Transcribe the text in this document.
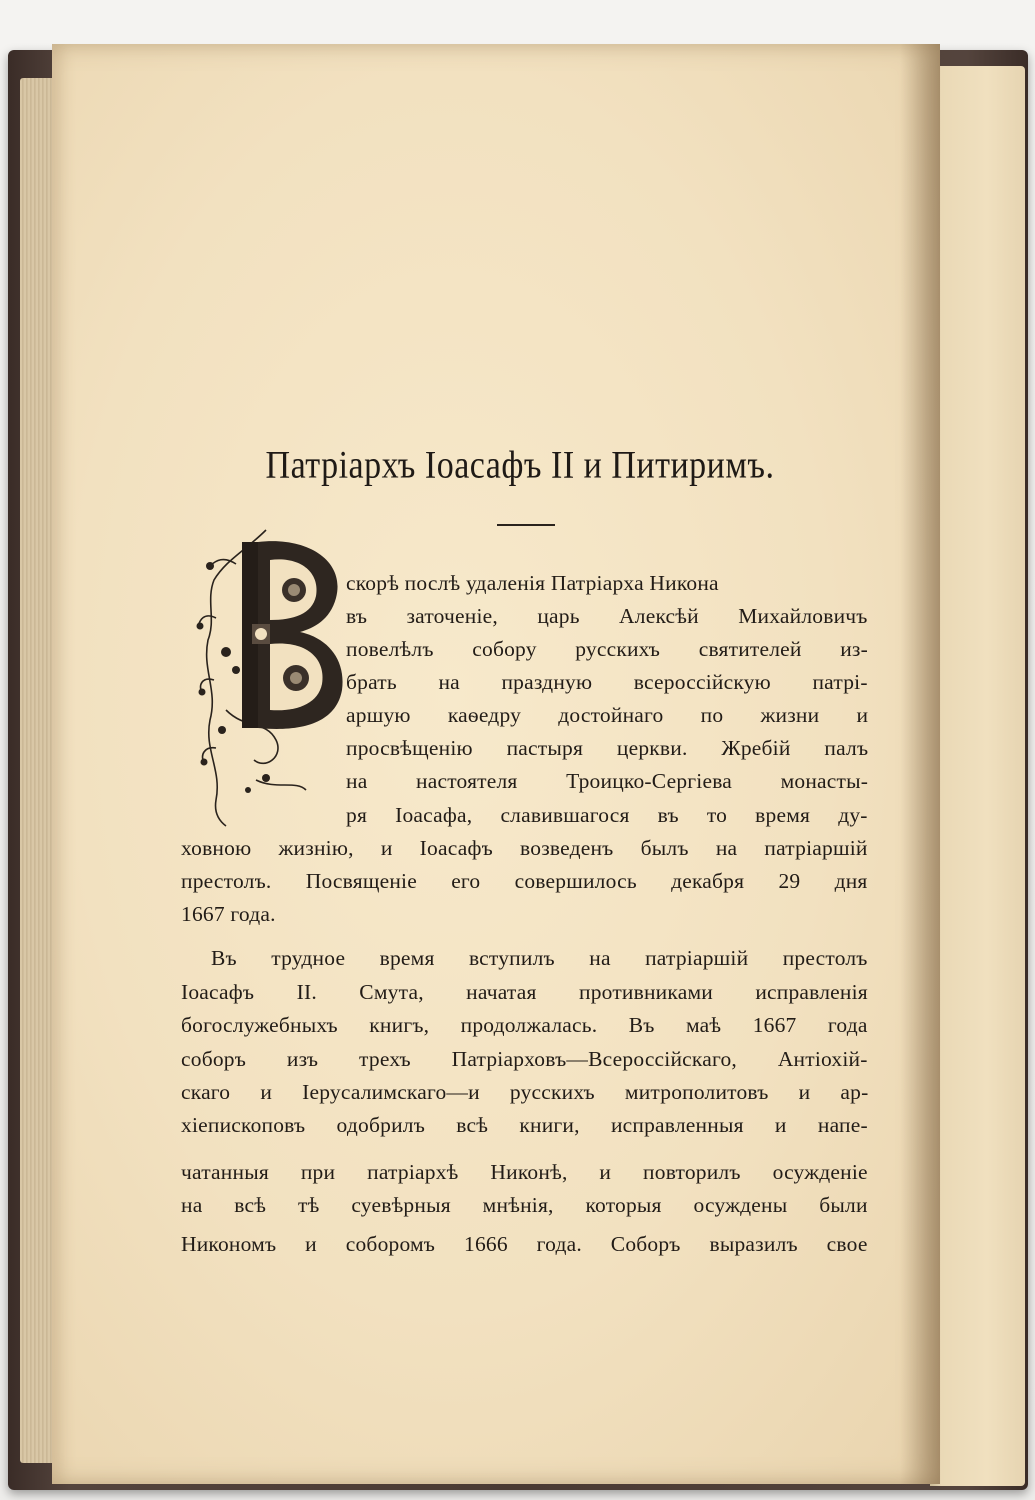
Патріархъ Іоасафъ II и Питиримъ.
скорѣ послѣ удаленія Патріарха Никона
въ заточеніе, царь Алексѣй Михайловичъ
повелѣлъ собору русскихъ святителей из-
брать на праздную всероссійскую патрі-
аршую каѳедру достойнаго по жизни и
просвѣщенію пастыря церкви. Жребій палъ
на настоятеля Троицко-Сергіева монасты-
ря Іоасафа, славившагося въ то время ду-
ховною жизнію, и Іоасафъ возведенъ былъ на патріаршій
престолъ. Посвященіе его совершилось декабря 29 дня
1667 года.
Въ трудное время вступилъ на патріаршій престолъ
Іоасафъ II. Смута, начатая противниками исправленія
богослужебныхъ книгъ, продолжалась. Въ маѣ 1667 года
соборъ изъ трехъ Патріарховъ—Всероссійскаго, Антіохій-
скаго и Іерусалимскаго—и русскихъ митрополитовъ и ар-
хіепископовъ одобрилъ всѣ книги, исправленныя и напе-
чатанныя при патріархѣ Никонѣ, и повторилъ осужденіе
на всѣ тѣ суевѣрныя мнѣнія, которыя осуждены были
Никономъ и соборомъ 1666 года. Соборъ выразилъ свое
